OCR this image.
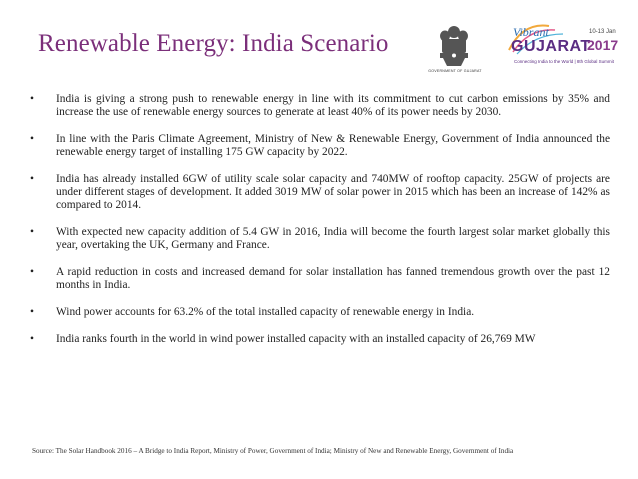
Renewable Energy: India Scenario
GOVERNMENT OF GUJARAT
Vibrant
GUJARAT
10-13 Jan
2017
Connecting India to the World | 8th Global Summit
• India is giving a strong push to renewable energy in line with its commitment to cut carbon emissions by 35% and increase the use of renewable energy sources to generate at least 40% of its power needs by 2030.
• In line with the Paris Climate Agreement, Ministry of New & Renewable Energy, Government of India announced the renewable energy target of installing 175 GW capacity by 2022.
• India has already installed 6GW of utility scale solar capacity and 740MW of rooftop capacity. 25GW of projects are under different stages of development. It added 3019 MW of solar power in 2015 which has been an increase of 142% as compared to 2014.
• With expected new capacity addition of 5.4 GW in 2016, India will become the fourth largest solar market globally this year, overtaking the UK, Germany and France.
• A rapid reduction in costs and increased demand for solar installation has fanned tremendous growth over the past 12 months in India.
• Wind power accounts for 63.2% of the total installed capacity of renewable energy in India.
• India ranks fourth in the world in wind power installed capacity with an installed capacity of 26,769 MW
Source: The Solar Handbook 2016 – A Bridge to India Report, Ministry of Power, Government of India; Ministry of New and Renewable Energy, Government of India
